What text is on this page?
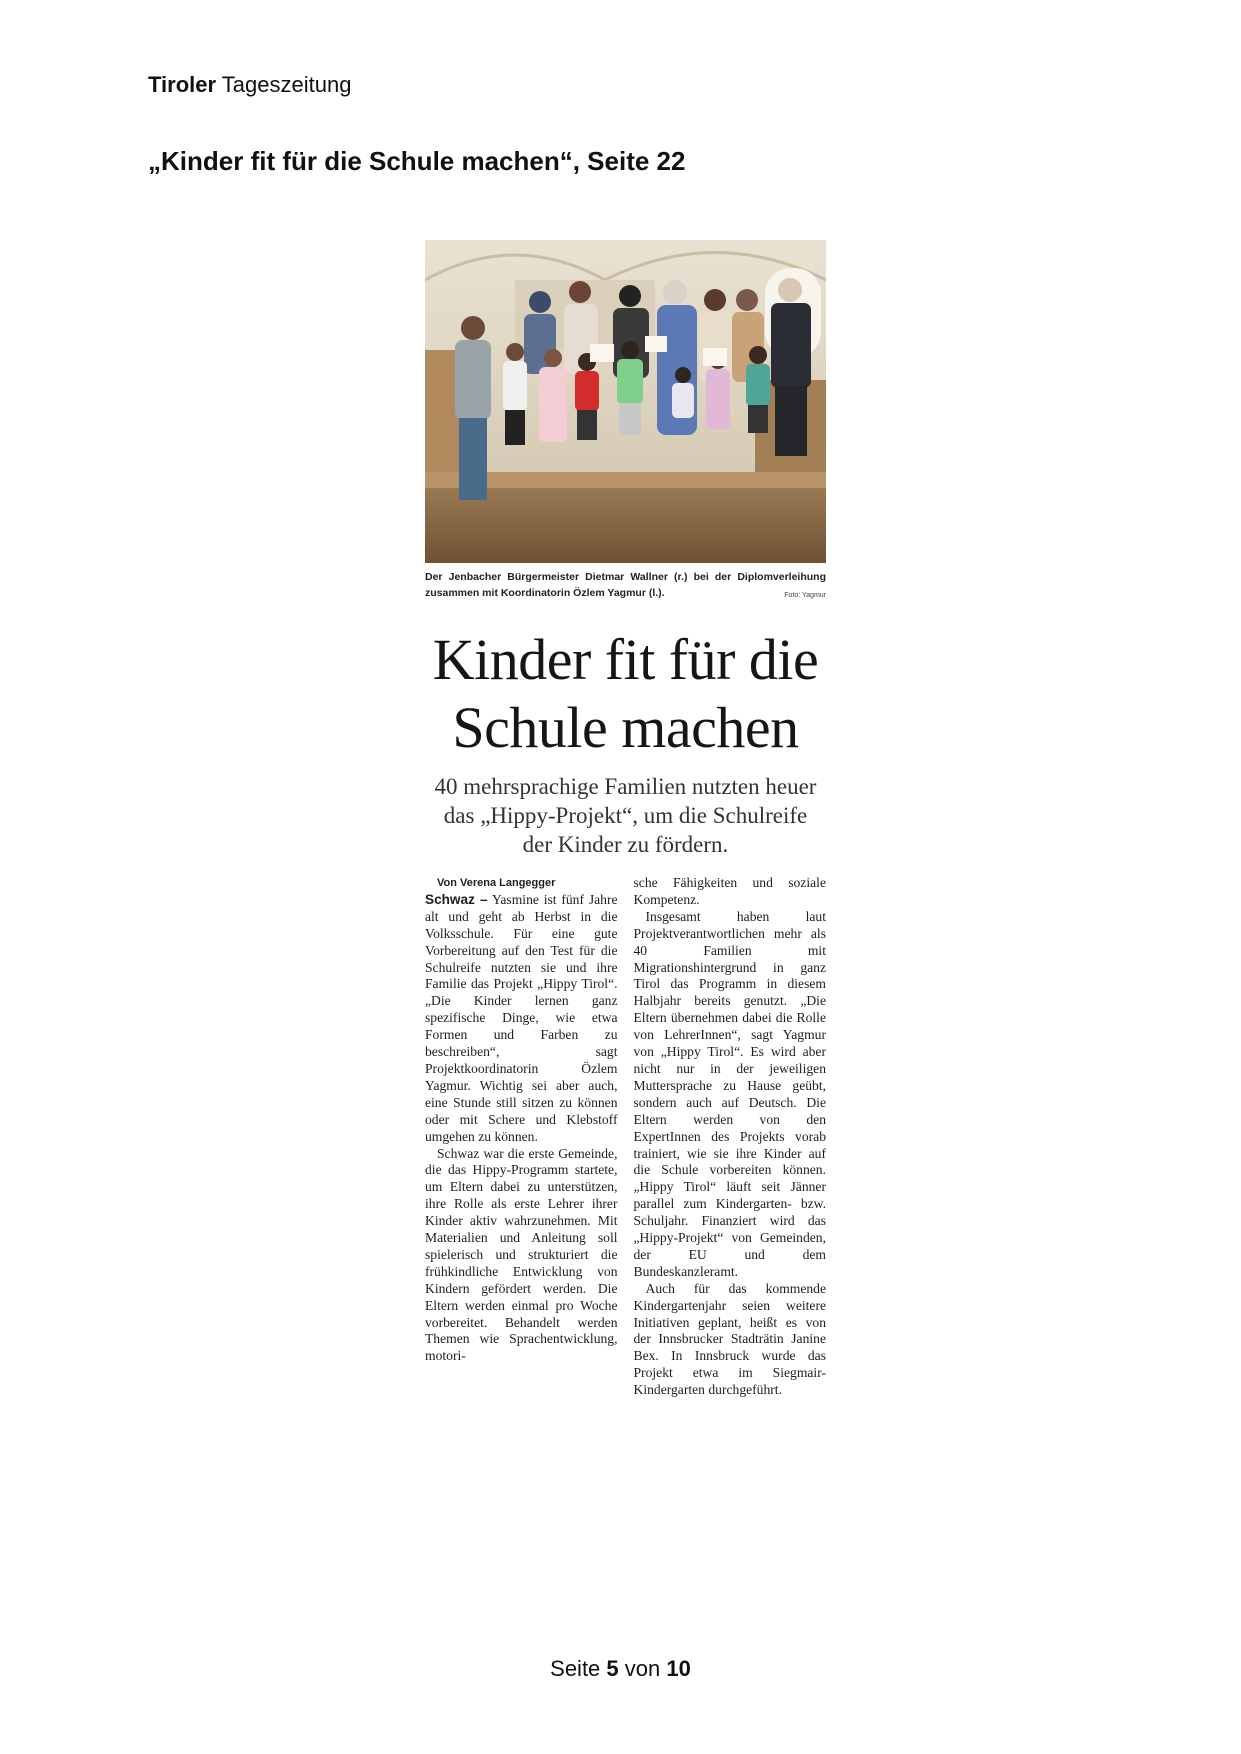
Tiroler Tageszeitung
„Kinder fit für die Schule machen“, Seite 22
Der Jenbacher Bürgermeister Dietmar Wallner (r.) bei der Diplomverleihung zusammen mit Koordinatorin Özlem Yagmur (l.).	Foto: Yagmur
Kinder fit für die Schule machen

40 mehrsprachige Familien nutzten heuer das „Hippy-Projekt“, um die Schulreife der Kinder zu fördern.

Von Verena Langegger

Schwaz – Yasmine ist fünf Jahre alt und geht ab Herbst in die Volksschule. Für eine gute Vorbereitung auf den Test für die Schulreife nutzten sie und ihre Familie das Projekt „Hippy Tirol“. „Die Kinder lernen ganz spezifische Dinge, wie etwa Formen und Farben zu beschreiben“, sagt Projektkoordinatorin Özlem Yagmur. Wichtig sei aber auch, eine Stunde still sitzen zu können oder mit Schere und Klebstoff umgehen zu können.

Schwaz war die erste Gemeinde, die das Hippy-Programm startete, um Eltern dabei zu unterstützen, ihre Rolle als erste Lehrer ihrer Kinder aktiv wahrzunehmen. Mit Materialien und Anleitung soll spielerisch und strukturiert die frühkindliche Entwicklung von Kindern gefördert werden. Die Eltern werden einmal pro Woche vorbereitet. Behandelt werden Themen wie Sprachentwicklung, motori-

sche Fähigkeiten und soziale Kompetenz.

Insgesamt haben laut Projektverantwortlichen mehr als 40 Familien mit Migrationshintergrund in ganz Tirol das Programm in diesem Halbjahr bereits genutzt. „Die Eltern übernehmen dabei die Rolle von LehrerInnen“, sagt Yagmur von „Hippy Tirol“. Es wird aber nicht nur in der jeweiligen Muttersprache zu Hause geübt, sondern auch auf Deutsch. Die Eltern werden von den ExpertInnen des Projekts vorab trainiert, wie sie ihre Kinder auf die Schule vorbereiten können. „Hippy Tirol“ läuft seit Jänner parallel zum Kindergarten- bzw. Schuljahr. Finanziert wird das „Hippy-Projekt“ von Gemeinden, der EU und dem Bundeskanzleramt.

Auch für das kommende Kindergartenjahr seien weitere Initiativen geplant, heißt es von der Innsbrucker Stadträtin Janine Bex. In Innsbruck wurde das Projekt etwa im Siegmair-Kindergarten durchgeführt.

Seite 5 von 10
